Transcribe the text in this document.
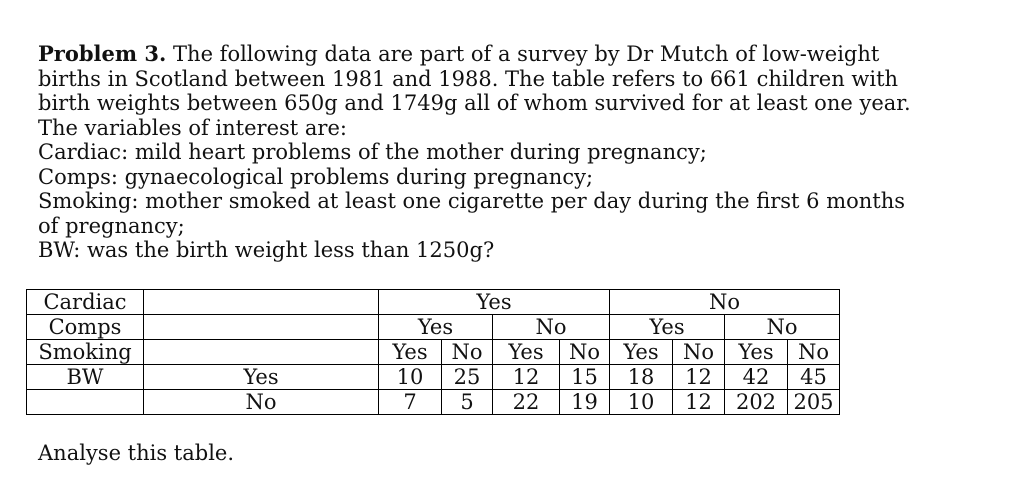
Problem 3. The following data are part of a survey by Dr Mutch of low-weight births in Scotland between 1981 and 1988. The table refers to 661 children with birth weights between 650g and 1749g all of whom survived for at least one year.
The variables of interest are:
Cardiac: mild heart problems of the mother during pregnancy;
Comps: gynaecological problems during pregnancy;
Smoking: mother smoked at least one cigarette per day during the first 6 months of pregnancy;
BW: was the birth weight less than 1250g?
Cardiac		Yes				No			
Comps		Yes		No		Yes		No	
Smoking		Yes	No	Yes	No	Yes	No	Yes	No
BW	Yes	10	25	12	15	18	12	42	45
	No	7	5	22	19	10	12	202	205
Analyse this table.
